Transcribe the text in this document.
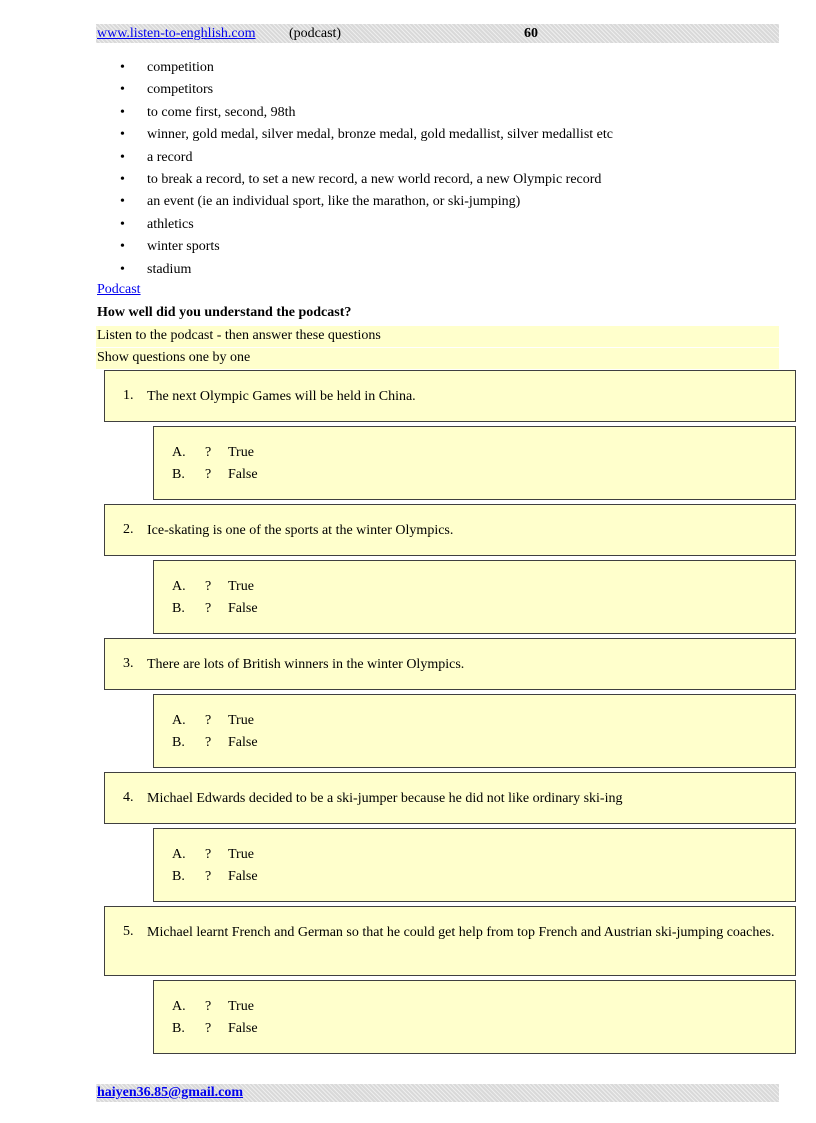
www.listen-to-enghlish.com (podcast)	60
• competition
• competitors
• to come first, second, 98th
• winner, gold medal, silver medal, bronze medal, gold medallist, silver medallist etc
• a record
• to break a record, to set a new record, a new world record, a new Olympic record
• an event (ie an individual sport, like the marathon, or ski-jumping)
• athletics
• winter sports
• stadium
Podcast
How well did you understand the podcast?
Listen to the podcast - then answer these questions
Show questions one by one
1. The next Olympic Games will be held in China.
A. ? True
B. ? False
2. Ice-skating is one of the sports at the winter Olympics.
A. ? True
B. ? False
3. There are lots of British winners in the winter Olympics.
A. ? True
B. ? False
4. Michael Edwards decided to be a ski-jumper because he did not like ordinary ski-ing
A. ? True
B. ? False
5. Michael learnt French and German so that he could get help from top French and Austrian ski-jumping coaches.
A. ? True
B. ? False
haiyen36.85@gmail.com
